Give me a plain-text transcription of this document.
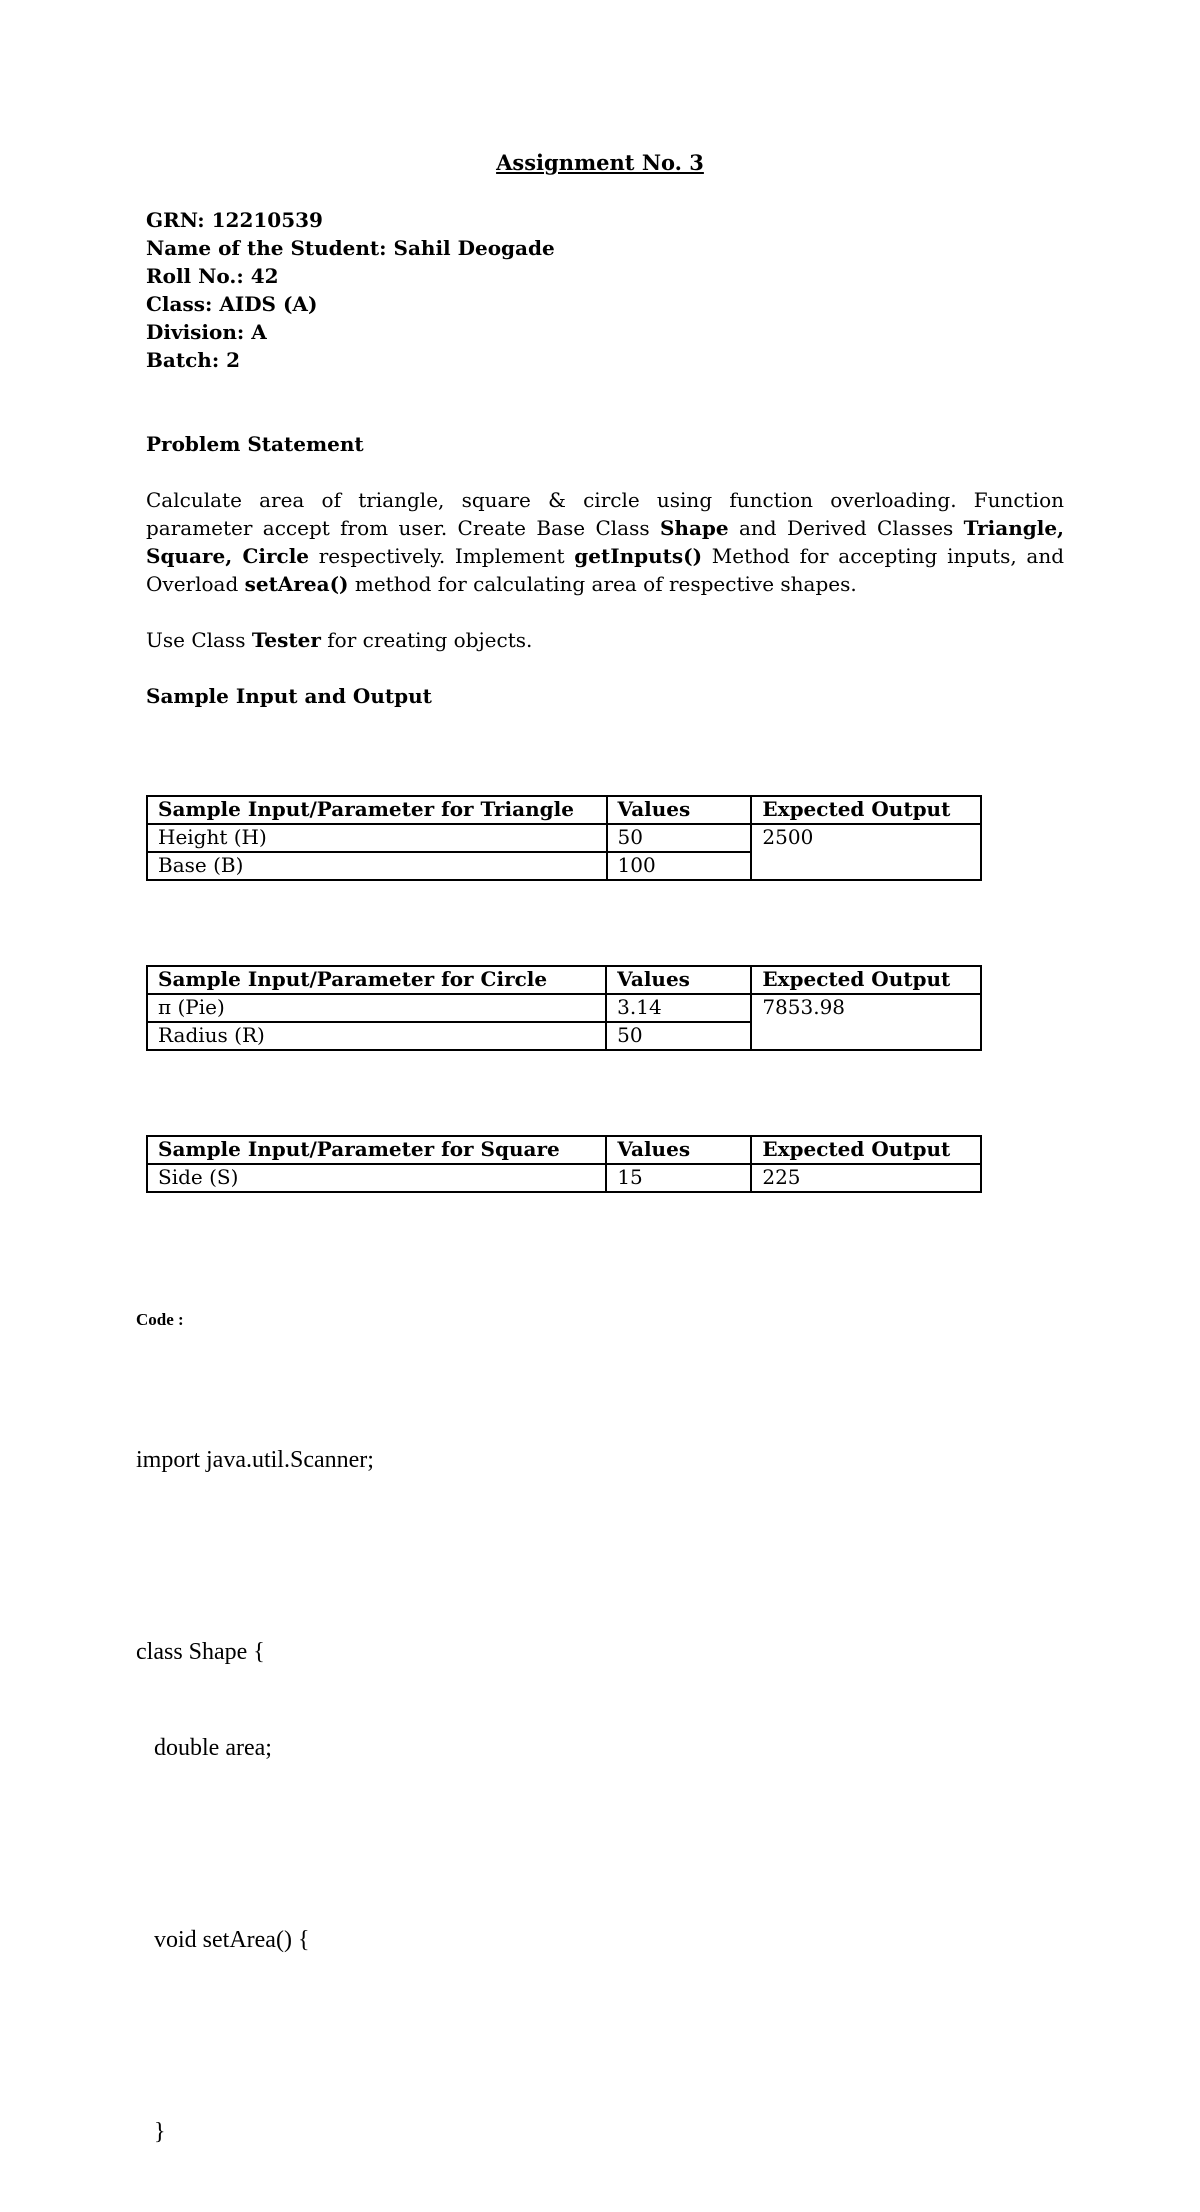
Assignment No. 3
GRN: 12210539
Name of the Student: Sahil Deogade
Roll No.: 42
Class: AIDS (A)
Division: A
Batch: 2
Problem Statement
Calculate area of triangle, square & circle using function overloading. Function parameter accept from user. Create Base Class Shape and Derived Classes Triangle, Square, Circle respectively. Implement getInputs() Method for accepting inputs, and Overload setArea() method for calculating area of respective shapes.
Use Class Tester for creating objects.
Sample Input and Output
Sample Input/Parameter for Triangle	Values	Expected Output
Height (H)	50	2500
Base (B)	100	
Sample Input/Parameter for Circle	Values	Expected Output
π (Pie)	3.14	7853.98
Radius (R)	50	
Sample Input/Parameter for Square	Values	Expected Output
Side (S)	15	225
Code :

import java.util.Scanner;

class Shape {

double area;

void setArea() {

}
